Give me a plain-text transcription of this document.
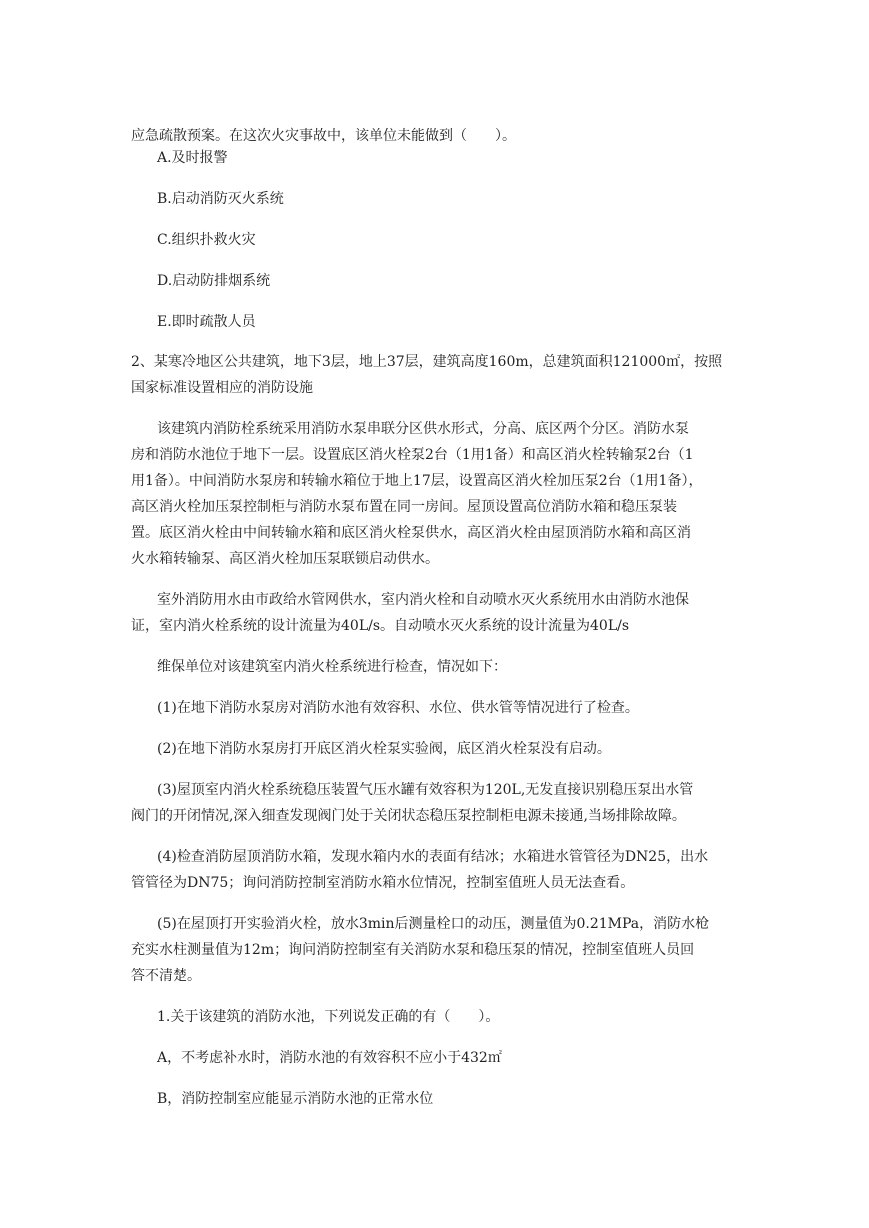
应急疏散预案。在这次火灾事故中，该单位未能做到（　　）。
A.及时报警
B.启动消防灭火系统
C.组织扑救火灾
D.启动防排烟系统
E.即时疏散人员
2、某寒冷地区公共建筑，地下3层，地上37层，建筑高度160m，总建筑面积121000㎡，按照
国家标准设置相应的消防设施
该建筑内消防栓系统采用消防水泵串联分区供水形式，分高、底区两个分区。消防水泵
房和消防水池位于地下一层。设置底区消火栓泵2台（1用1备）和高区消火栓转输泵2台（1
用1备）。中间消防水泵房和转输水箱位于地上17层，设置高区消火栓加压泵2台（1用1备），
高区消火栓加压泵控制柜与消防水泵布置在同一房间。屋顶设置高位消防水箱和稳压泵装
置。底区消火栓由中间转输水箱和底区消火栓泵供水，高区消火栓由屋顶消防水箱和高区消
火水箱转输泵、高区消火栓加压泵联锁启动供水。
室外消防用水由市政给水管网供水，室内消火栓和自动喷水灭火系统用水由消防水池保
证，室内消火栓系统的设计流量为40L/s。自动喷水灭火系统的设计流量为40L/s
维保单位对该建筑室内消火栓系统进行检查，情况如下：
(1)在地下消防水泵房对消防水池有效容积、水位、供水管等情况进行了检查。
(2)在地下消防水泵房打开底区消火栓泵实验阀，底区消火栓泵没有启动。
(3)屋顶室内消火栓系统稳压装置气压水罐有效容积为120L,无发直接识别稳压泵出水管
阀门的开闭情况,深入细查发现阀门处于关闭状态稳压泵控制柜电源未接通,当场排除故障。
(4)检查消防屋顶消防水箱，发现水箱内水的表面有结冰；水箱进水管管径为DN25，出水
管管径为DN75；询问消防控制室消防水箱水位情况，控制室值班人员无法查看。
(5)在屋顶打开实验消火栓，放水3min后测量栓口的动压，测量值为0.21MPa，消防水枪
充实水柱测量值为12m；询问消防控制室有关消防水泵和稳压泵的情况，控制室值班人员回
答不清楚。
1.关于该建筑的消防水池，下列说发正确的有（　　）。
A，不考虑补水时，消防水池的有效容积不应小于432㎡
B，消防控制室应能显示消防水池的正常水位
